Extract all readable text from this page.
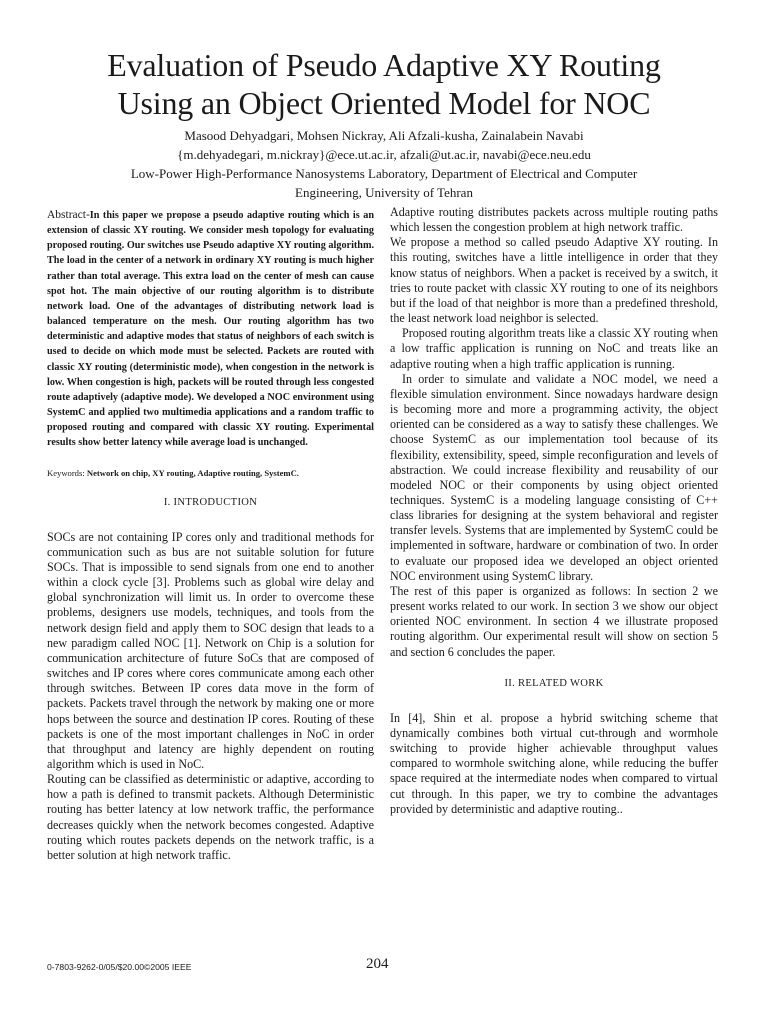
Evaluation of Pseudo Adaptive XY Routing
Using an Object Oriented Model for NOC
Masood Dehyadgari, Mohsen Nickray, Ali Afzali-kusha, Zainalabein Navabi
{m.dehyadegari, m.nickray}@ece.ut.ac.ir, afzali@ut.ac.ir, navabi@ece.neu.edu
Low-Power High-Performance Nanosystems Laboratory, Department of Electrical and Computer
Engineering, University of Tehran

Abstract-In this paper we propose a pseudo adaptive routing which is an extension of classic XY routing. We consider mesh topology for evaluating proposed routing. Our switches use Pseudo adaptive XY routing algorithm. The load in the center of a network in ordinary XY routing is much higher rather than total average. This extra load on the center of mesh can cause spot hot. The main objective of our routing algorithm is to distribute network load. One of the advantages of distributing network load is balanced temperature on the mesh. Our routing algorithm has two deterministic and adaptive modes that status of neighbors of each switch is used to decide on which mode must be selected. Packets are routed with classic XY routing (deterministic mode), when congestion in the network is low. When congestion is high, packets will be routed through less congested route adaptively (adaptive mode). We developed a NOC environment using SystemC and applied two multimedia applications and a random traffic to proposed routing and compared with classic XY routing. Experimental results show better latency while average load is unchanged.

Keywords: Network on chip, XY routing, Adaptive routing, SystemC.

I. INTRODUCTION

SOCs are not containing IP cores only and traditional methods for communication such as bus are not suitable solution for future SOCs. That is impossible to send signals from one end to another within a clock cycle [3]. Problems such as global wire delay and global synchronization will limit us. In order to overcome these problems, designers use models, techniques, and tools from the network design field and apply them to SOC design that leads to a new paradigm called NOC [1]. Network on Chip is a solution for communication architecture of future SoCs that are composed of switches and IP cores where cores communicate among each other through switches. Between IP cores data move in the form of packets. Packets travel through the network by making one or more hops between the source and destination IP cores. Routing of these packets is one of the most important challenges in NoC in order that throughput and latency are highly dependent on routing algorithm which is used in NoC.

Routing can be classified as deterministic or adaptive, according to how a path is defined to transmit packets. Although Deterministic routing has better latency at low network traffic, the performance decreases quickly when the network becomes congested. Adaptive routing which routes packets depends on the network traffic, is a better solution at high network traffic.

Adaptive routing distributes packets across multiple routing paths which lessen the congestion problem at high network traffic.

We propose a method so called pseudo Adaptive XY routing. In this routing, switches have a little intelligence in order that they know status of neighbors. When a packet is received by a switch, it tries to route packet with classic XY routing to one of its neighbors but if the load of that neighbor is more than a predefined threshold, the least network load neighbor is selected.

Proposed routing algorithm treats like a classic XY routing when a low traffic application is running on NoC and treats like an adaptive routing when a high traffic application is running.

In order to simulate and validate a NOC model, we need a flexible simulation environment. Since nowadays hardware design is becoming more and more a programming activity, the object oriented can be considered as a way to satisfy these challenges. We choose SystemC as our implementation tool because of its flexibility, extensibility, speed, simple reconfiguration and levels of abstraction. We could increase flexibility and reusability of our modeled NOC or their components by using object oriented techniques. SystemC is a modeling language consisting of C++ class libraries for designing at the system behavioral and register transfer levels. Systems that are implemented by SystemC could be implemented in software, hardware or combination of two. In order to evaluate our proposed idea we developed an object oriented NOC environment using SystemC library.

The rest of this paper is organized as follows: In section 2 we present works related to our work. In section 3 we show our object oriented NOC environment. In section 4 we illustrate proposed routing algorithm. Our experimental result will show on section 5 and section 6 concludes the paper.

II. RELATED WORK

In [4], Shin et al. propose a hybrid switching scheme that dynamically combines both virtual cut-through and wormhole switching to provide higher achievable throughput values compared to wormhole switching alone, while reducing the buffer space required at the intermediate nodes when compared to virtual cut through. In this paper, we try to combine the advantages provided by deterministic and adaptive routing..

0-7803-9262-0/05/$20.00©2005 IEEE	204
